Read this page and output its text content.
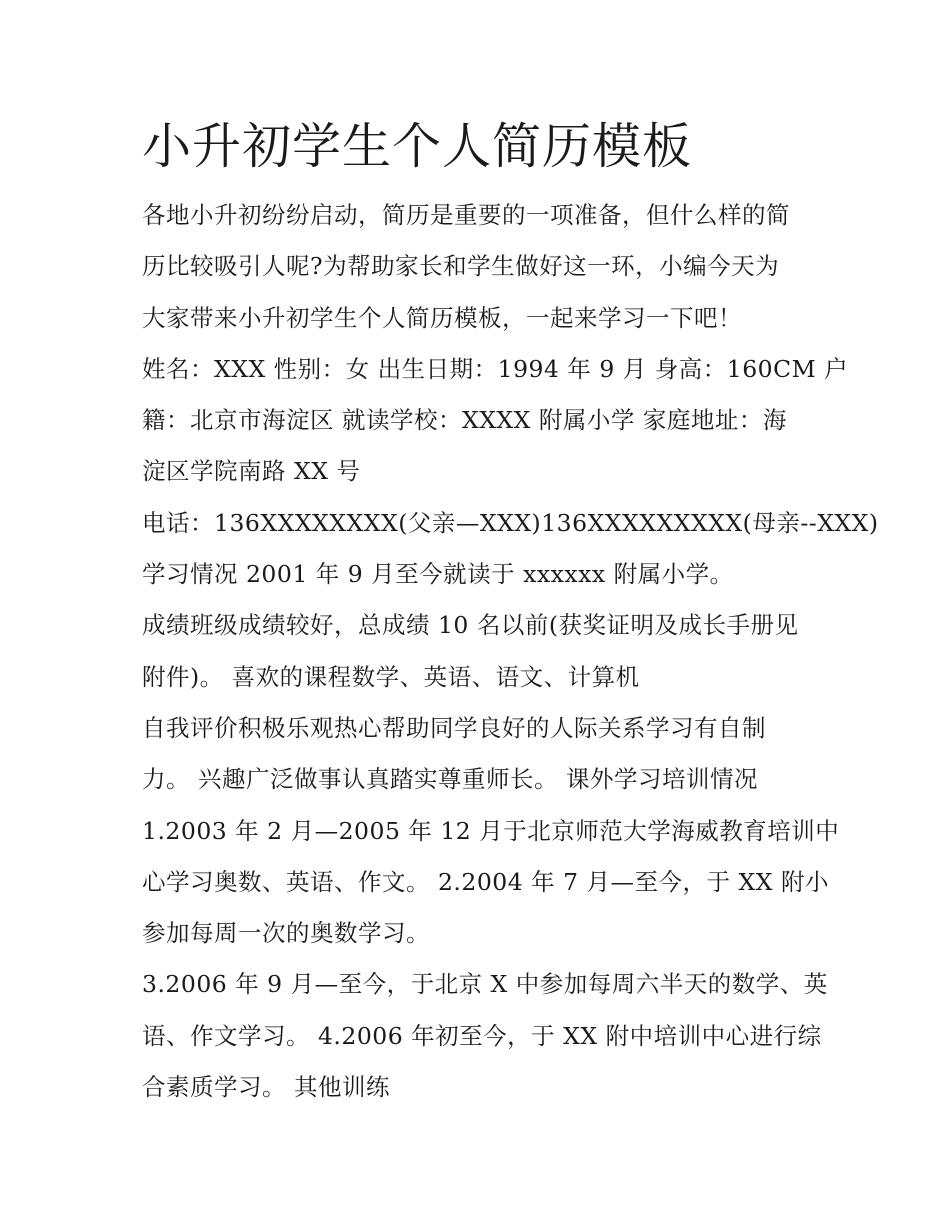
小升初学生个人简历模板

各地小升初纷纷启动，简历是重要的一项准备，但什么样的简
历比较吸引人呢?为帮助家长和学生做好这一环，小编今天为
大家带来小升初学生个人简历模板，一起来学习一下吧！

姓名：XXX 性别：女 出生日期：1994 年 9 月 身高：160CM 户
籍：北京市海淀区 就读学校：XXXX 附属小学 家庭地址：海
淀区学院南路 XX 号

电话：136XXXXXXXX(父亲—XXX)136XXXXXXXXX(母亲--XXX)

学习情况 2001 年 9 月至今就读于 xxxxxx 附属小学。

成绩班级成绩较好，总成绩 10 名以前(获奖证明及成长手册见
附件)。 喜欢的课程数学、英语、语文、计算机

自我评价积极乐观热心帮助同学良好的人际关系学习有自制
力。 兴趣广泛做事认真踏实尊重师长。 课外学习培训情况

1.2003 年 2 月—2005 年 12 月于北京师范大学海威教育培训中
心学习奥数、英语、作文。 2.2004 年 7 月—至今，于 XX 附小
参加每周一次的奥数学习。

3.2006 年 9 月—至今，于北京 X 中参加每周六半天的数学、英
语、作文学习。 4.2006 年初至今，于 XX 附中培训中心进行综
合素质学习。 其他训练
